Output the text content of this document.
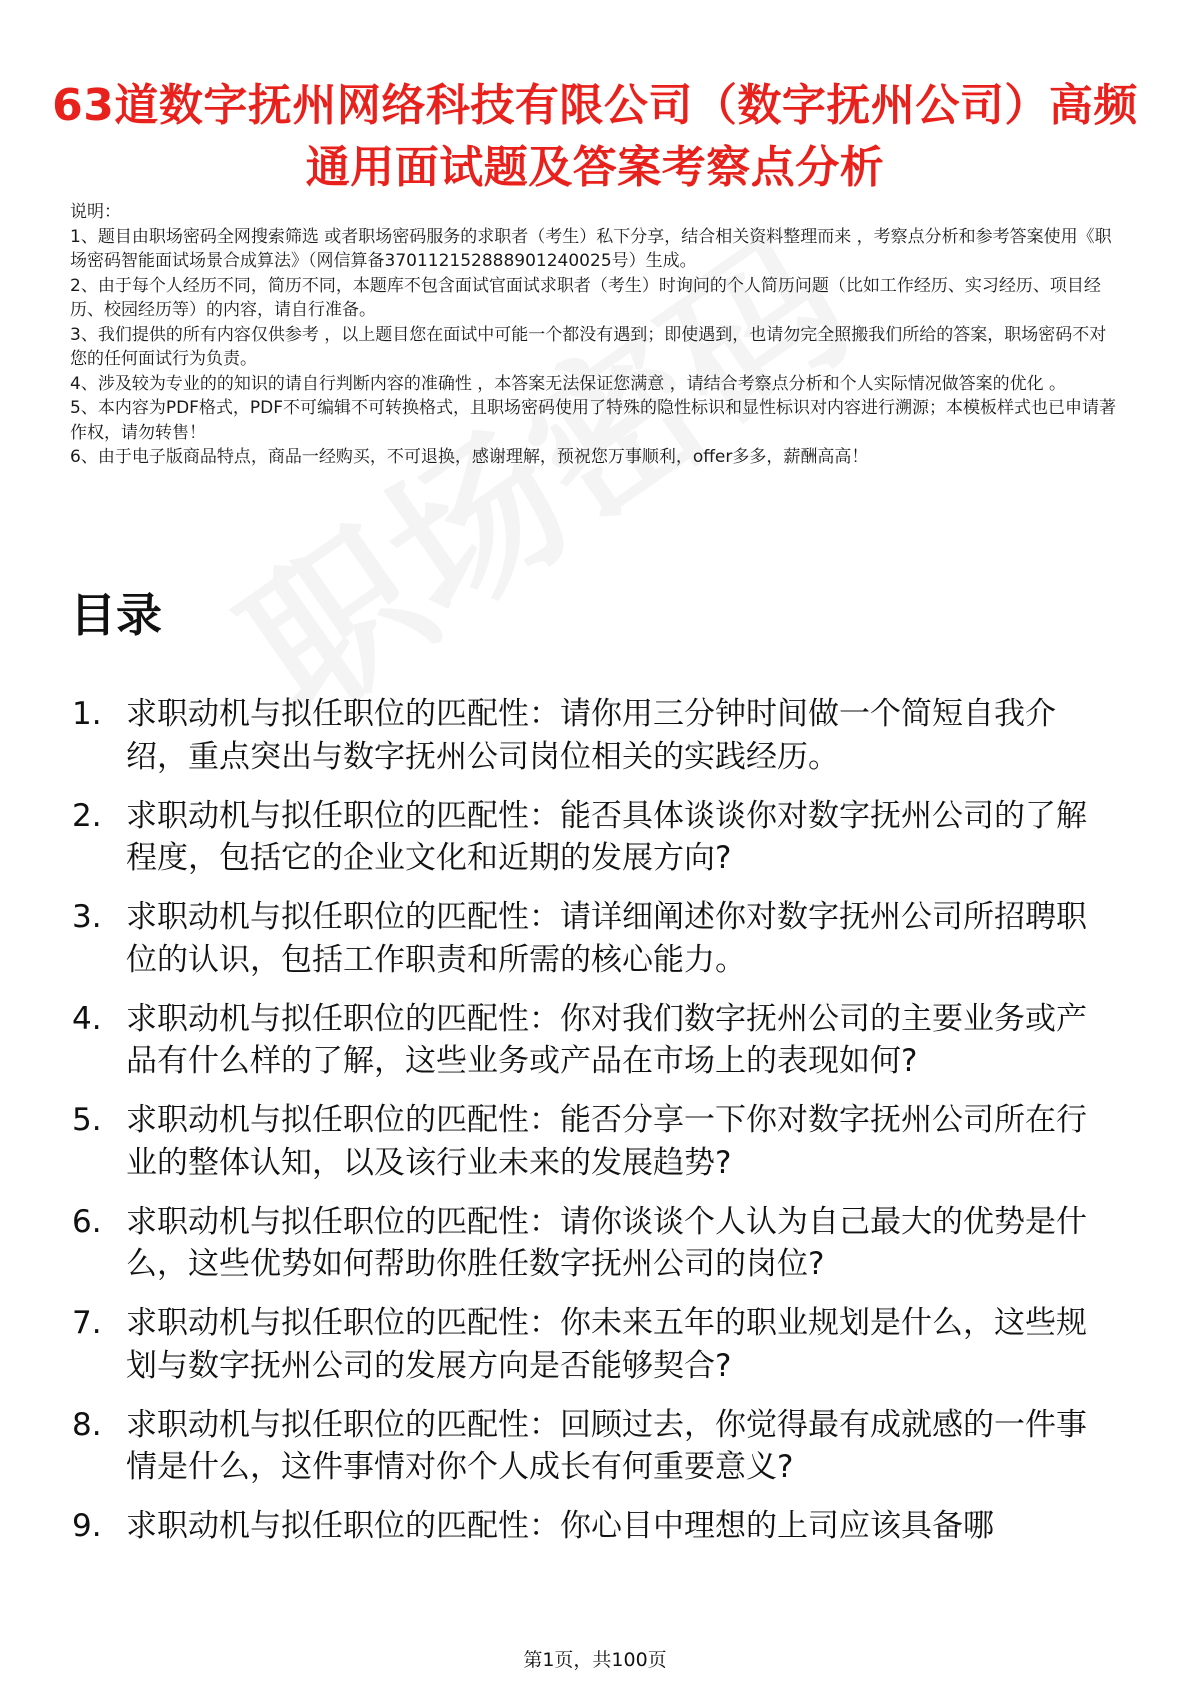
63道数字抚州网络科技有限公司（数字抚州公司）高频通用面试题及答案考察点分析

说明：

1、题目由职场密码全网搜索筛选 或者职场密码服务的求职者（考生）私下分享，结合相关资料整理而来 ，考察点分析和参考答案使用《职场密码智能面试场景合成算法》（网信算备370112152888901240025号）生成。

2、由于每个人经历不同，简历不同，本题库不包含面试官面试求职者（考生）时询问的个人简历问题（比如工作经历、实习经历、项目经历、校园经历等）的内容，请自行准备。

3、我们提供的所有内容仅供参考 ，以上题目您在面试中可能一个都没有遇到；即使遇到，也请勿完全照搬我们所给的答案，职场密码不对您的任何面试行为负责。

4、涉及较为专业的的知识的请自行判断内容的准确性 ，本答案无法保证您满意 ，请结合考察点分析和个人实际情况做答案的优化 。

5、本内容为PDF格式，PDF不可编辑不可转换格式，且职场密码使用了特殊的隐性标识和显性标识对内容进行溯源；本模板样式也已申请著作权，请勿转售！

6、由于电子版商品特点，商品一经购买，不可退换，感谢理解，预祝您万事顺利，offer多多，薪酬高高！

目录
1. 求职动机与拟任职位的匹配性：请你用三分钟时间做一个简短自我介绍，重点突出与数字抚州公司岗位相关的实践经历。
2. 求职动机与拟任职位的匹配性：能否具体谈谈你对数字抚州公司的了解程度，包括它的企业文化和近期的发展方向?
3. 求职动机与拟任职位的匹配性：请详细阐述你对数字抚州公司所招聘职位的认识，包括工作职责和所需的核心能力。
4. 求职动机与拟任职位的匹配性：你对我们数字抚州公司的主要业务或产品有什么样的了解，这些业务或产品在市场上的表现如何?
5. 求职动机与拟任职位的匹配性：能否分享一下你对数字抚州公司所在行业的整体认知，以及该行业未来的发展趋势?
6. 求职动机与拟任职位的匹配性：请你谈谈个人认为自己最大的优势是什么，这些优势如何帮助你胜任数字抚州公司的岗位?
7. 求职动机与拟任职位的匹配性：你未来五年的职业规划是什么，这些规划与数字抚州公司的发展方向是否能够契合?
8. 求职动机与拟任职位的匹配性：回顾过去，你觉得最有成就感的一件事情是什么，这件事情对你个人成长有何重要意义?
9. 求职动机与拟任职位的匹配性：你心目中理想的上司应该具备哪
第1页，共100页
